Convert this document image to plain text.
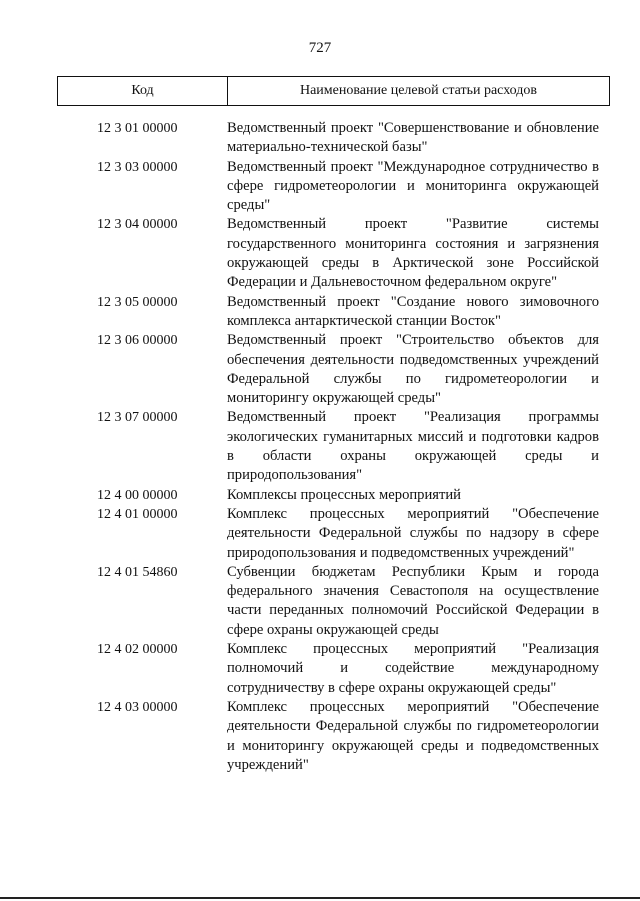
727
Код	Наименование целевой статьи расходов
12 3 01 00000	Ведомственный проект "Совершенствование и обновление материально-технической базы"
12 3 03 00000	Ведомственный проект "Международное сотрудничество в сфере гидрометеорологии и мониторинга окружающей среды"
12 3 04 00000	Ведомственный проект "Развитие системы государственного мониторинга состояния и загрязнения окружающей среды в Арктической зоне Российской Федерации и Дальневосточном федеральном округе"
12 3 05 00000	Ведомственный проект "Создание нового зимовочного комплекса антарктической станции Восток"
12 3 06 00000	Ведомственный проект "Строительство объектов для обеспечения деятельности подведомственных учреждений Федеральной службы по гидрометеорологии и мониторингу окружающей среды"
12 3 07 00000	Ведомственный проект "Реализация программы экологических гуманитарных миссий и подготовки кадров в области охраны окружающей среды и природопользования"
12 4 00 00000	Комплексы процессных мероприятий
12 4 01 00000	Комплекс процессных мероприятий "Обеспечение деятельности Федеральной службы по надзору в сфере природопользования и подведомственных учреждений"
12 4 01 54860	Субвенции бюджетам Республики Крым и города федерального значения Севастополя на осуществление части переданных полномочий Российской Федерации в сфере охраны окружающей среды
12 4 02 00000	Комплекс процессных мероприятий "Реализация полномочий и содействие международному сотрудничеству в сфере охраны окружающей среды"
12 4 03 00000	Комплекс процессных мероприятий "Обеспечение деятельности Федеральной службы по гидрометеорологии и мониторингу окружающей среды и подведомственных учреждений"
